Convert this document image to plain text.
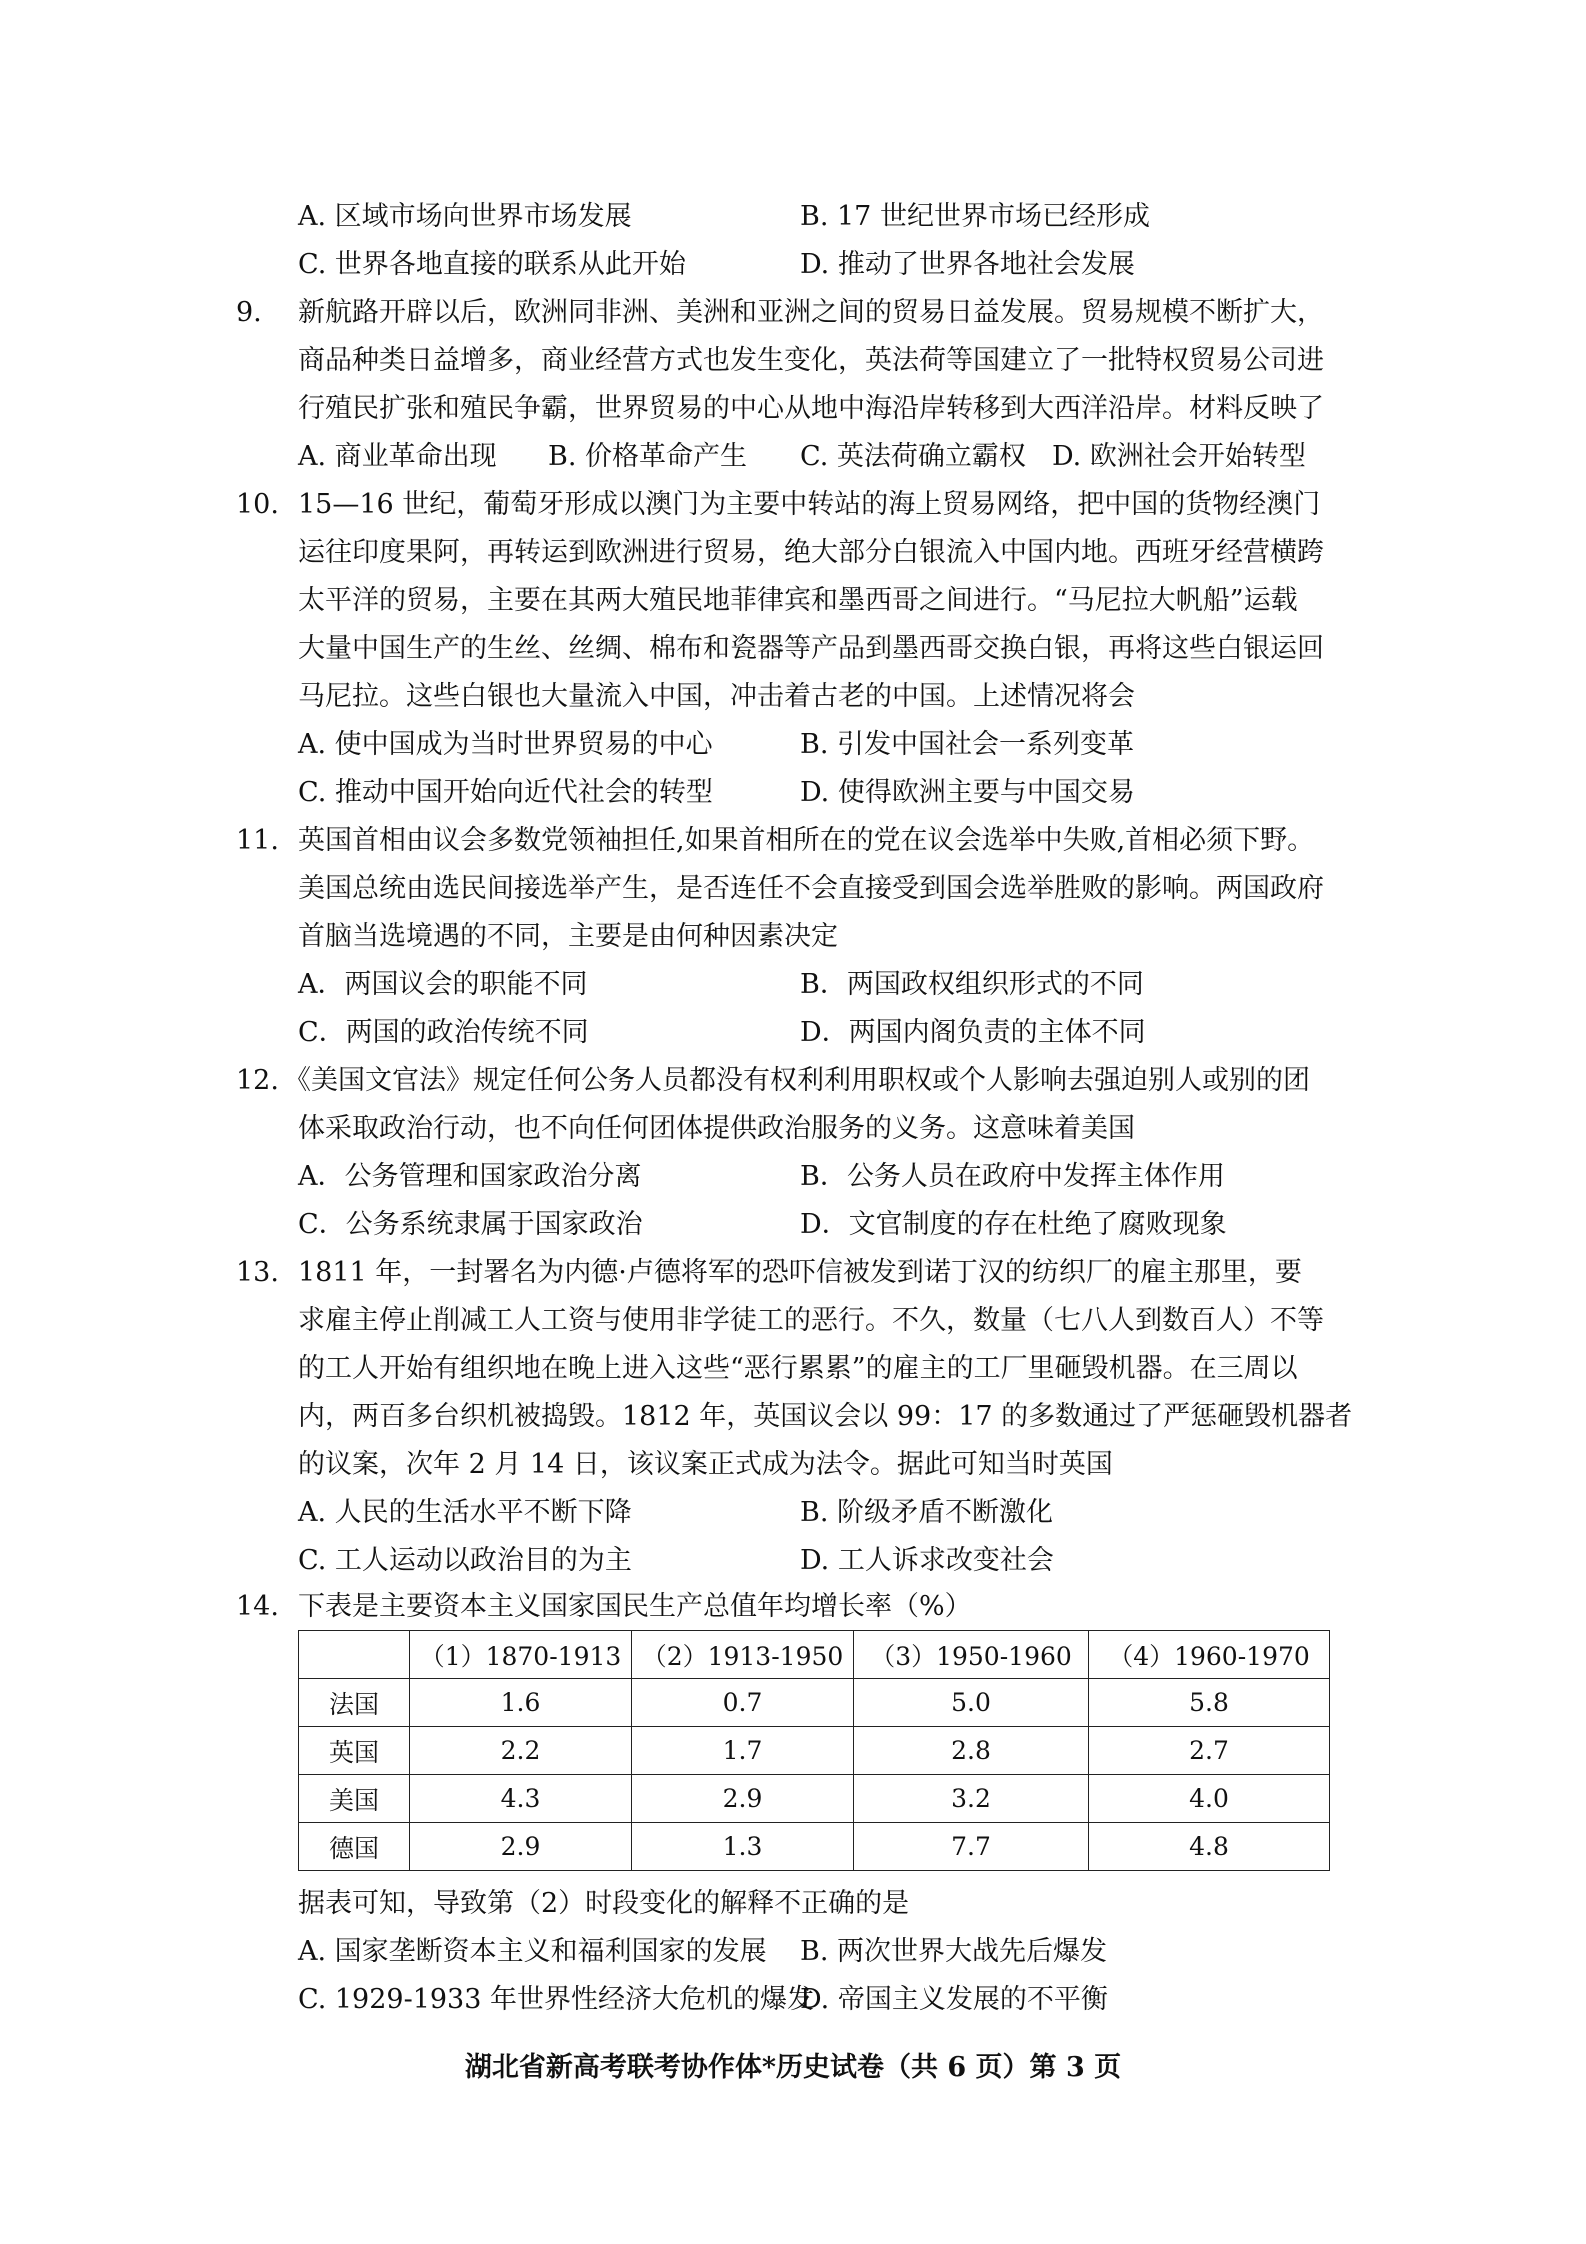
A. 区域市场向世界市场发展	B. 17 世纪世界市场已经形成
C. 世界各地直接的联系从此开始	D. 推动了世界各地社会发展
9. 新航路开辟以后，欧洲同非洲、美洲和亚洲之间的贸易日益发展。贸易规模不断扩大，
商品种类日益增多，商业经营方式也发生变化，英法荷等国建立了一批特权贸易公司进
行殖民扩张和殖民争霸，世界贸易的中心从地中海沿岸转移到大西洋沿岸。材料反映了
A. 商业革命出现 B. 价格革命产生 C. 英法荷确立霸权 D. 欧洲社会开始转型
10. 15—16 世纪，葡萄牙形成以澳门为主要中转站的海上贸易网络，把中国的货物经澳门
运往印度果阿，再转运到欧洲进行贸易，绝大部分白银流入中国内地。西班牙经营横跨
太平洋的贸易，主要在其两大殖民地菲律宾和墨西哥之间进行。“马尼拉大帆船”运载
大量中国生产的生丝、丝绸、棉布和瓷器等产品到墨西哥交换白银，再将这些白银运回
马尼拉。这些白银也大量流入中国，冲击着古老的中国。上述情况将会
A. 使中国成为当时世界贸易的中心	B. 引发中国社会一系列变革
C. 推动中国开始向近代社会的转型	D. 使得欧洲主要与中国交易
11. 英国首相由议会多数党领袖担任,如果首相所在的党在议会选举中失败,首相必须下野。
美国总统由选民间接选举产生，是否连任不会直接受到国会选举胜败的影响。两国政府
首脑当选境遇的不同，主要是由何种因素决定
A．两国议会的职能不同	B．两国政权组织形式的不同
C．两国的政治传统不同	D．两国内阁负责的主体不同
12. 《美国文官法》规定任何公务人员都没有权利利用职权或个人影响去强迫别人或别的团
体采取政治行动，也不向任何团体提供政治服务的义务。这意味着美国
A．公务管理和国家政治分离	B．公务人员在政府中发挥主体作用
C．公务系统隶属于国家政治	D．文官制度的存在杜绝了腐败现象
13. 1811 年，一封署名为内德·卢德将军的恐吓信被发到诺丁汉的纺织厂的雇主那里，要
求雇主停止削减工人工资与使用非学徒工的恶行。不久，数量（七八人到数百人）不等
的工人开始有组织地在晚上进入这些“恶行累累”的雇主的工厂里砸毁机器。在三周以
内，两百多台织机被捣毁。1812 年，英国议会以 99：17 的多数通过了严惩砸毁机器者
的议案，次年 2 月 14 日，该议案正式成为法令。据此可知当时英国
A. 人民的生活水平不断下降	B. 阶级矛盾不断激化
C. 工人运动以政治目的为主	D. 工人诉求改变社会
14. 下表是主要资本主义国家国民生产总值年均增长率（%）
	（1）1870-1913	（2）1913-1950	（3）1950-1960	（4）1960-1970
法国	1.6	0.7	5.0	5.8
英国	2.2	1.7	2.8	2.7
美国	4.3	2.9	3.2	4.0
德国	2.9	1.3	7.7	4.8
据表可知，导致第（2）时段变化的解释不正确的是
A. 国家垄断资本主义和福利国家的发展 B. 两次世界大战先后爆发
C. 1929-1933 年世界性经济大危机的爆发
D. 帝国主义发展的不平衡
湖北省新高考联考协作体*历史试卷（共 6 页）第 3 页
